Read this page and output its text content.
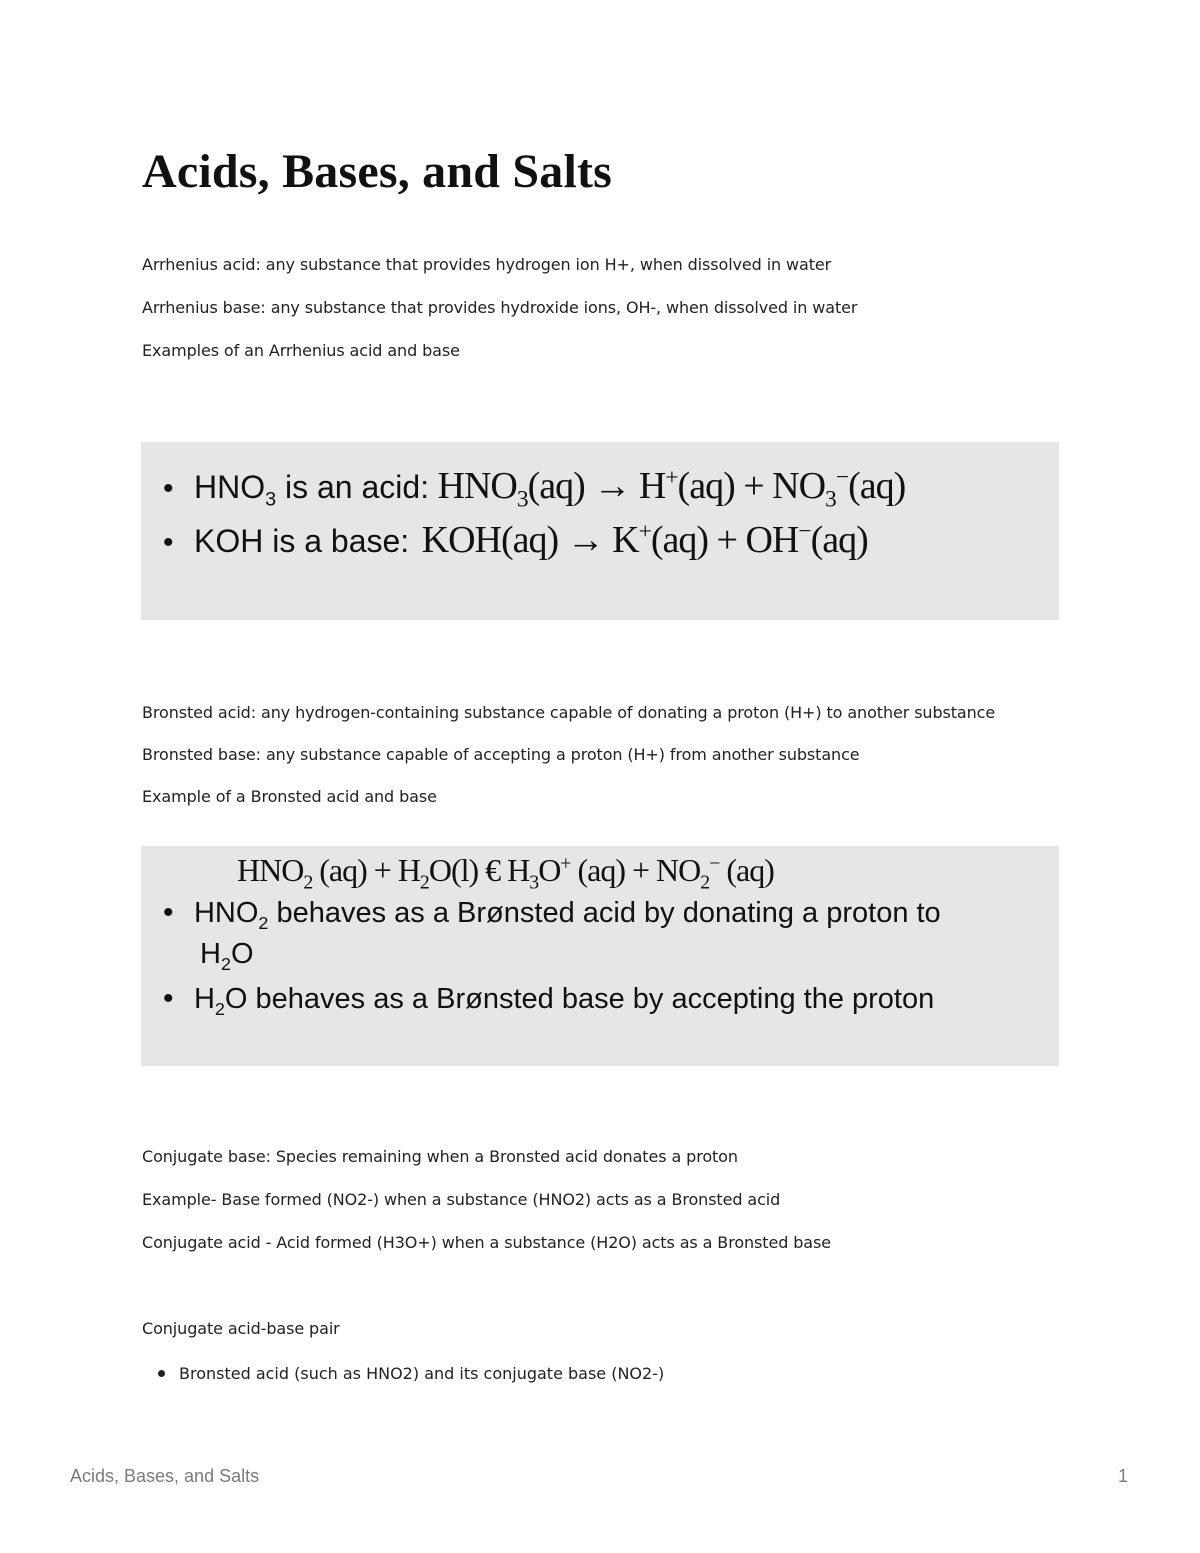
Acids, Bases, and Salts

Arrhenius acid: any substance that provides hydrogen ion H+, when dissolved in water

Arrhenius base: any substance that provides hydroxide ions, OH-, when dissolved in water

Examples of an Arrhenius acid and base

• $HNO_3$ is an acid: $HNO_3(aq) \to H^+(aq) + NO_3^-(aq)$
• KOH is a base: KOH(aq) → K+(aq) + OH−(aq)

Bronsted acid: any hydrogen-containing substance capable of donating a proton (H+) to another substance

Bronsted base: any substance capable of accepting a proton (H+) from another substance

Example of a Bronsted acid and base

$HNO_2$ $(aq) + H_2O(l)$ € $H_3O^+$ $(aq) + NO_2^-$ (aq)
• $HNO_2$ behaves as a Brønsted acid by donating a proton to
$H_2O$
• $H_2O$ behaves as a Brønsted base by accepting the proton

Conjugate base: Species remaining when a Bronsted acid donates a proton

Example- Base formed (NO2-) when a substance (HNO2) acts as a Bronsted acid

Conjugate acid - Acid formed (H3O+) when a substance (H2O) acts as a Bronsted base

Conjugate acid-base pair

Bronsted acid (such as HNO2) and its conjugate base (NO2-)

Acids, Bases, and Salts	1
